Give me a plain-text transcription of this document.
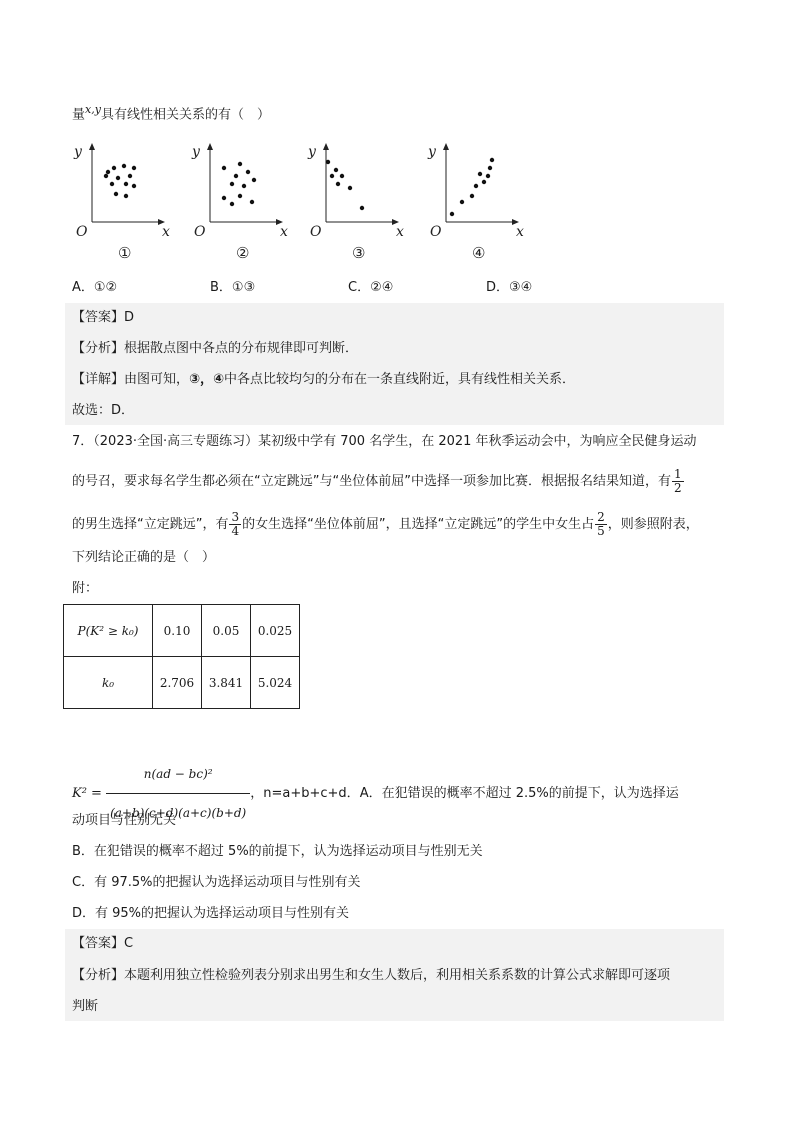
量$^{x,y}$具有线性相关关系的有（　）
y
x
O
①
y
x
O
②
y
x
O
③
y
x
O
④
A．①②	B．①③	C．②④	D．③④
【答案】D
【分析】根据散点图中各点的分布规律即可判断．
【详解】由图可知，③，④中各点比较均匀的分布在一条直线附近，具有线性相关关系．
故选：D．
7．（2023·全国·高三专题练习）某初级中学有 700 名学生，在 2021 年秋季运动会中，为响应全民健身运动
的号召，要求每名学生都必须在“立定跳远”与“坐位体前屈”中选择一项参加比赛．根据报名结果知道，有 $\frac{1}{2}$
的男生选择“立定跳远”，有 $\frac{3}{4}$ 的女生选择“坐位体前屈”，且选择“立定跳远”的学生中女生占 $\frac{2}{5}$ ，则参照附表，
下列结论正确的是（　）
附：
P(K² ≥ k₀)	0.10	0.05	0.025
k₀	2.706	3.841	5.024
$K^2 = \frac{\text{n(ad − bc)²}}{(a+b)(c+d)(a+c)(b+d)}$ ，n=a+b+c+d．A．在犯错误的概率不超过 2.5%的前提下，认为选择运
动项目与性别无关
B．在犯错误的概率不超过 5%的前提下，认为选择运动项目与性别无关
C．有 97.5%的把握认为选择运动项目与性别有关
D．有 95%的把握认为选择运动项目与性别有关
【答案】C
【分析】本题利用独立性检验列表分别求出男生和女生人数后，利用相关系系数的计算公式求解即可逐项
判断
